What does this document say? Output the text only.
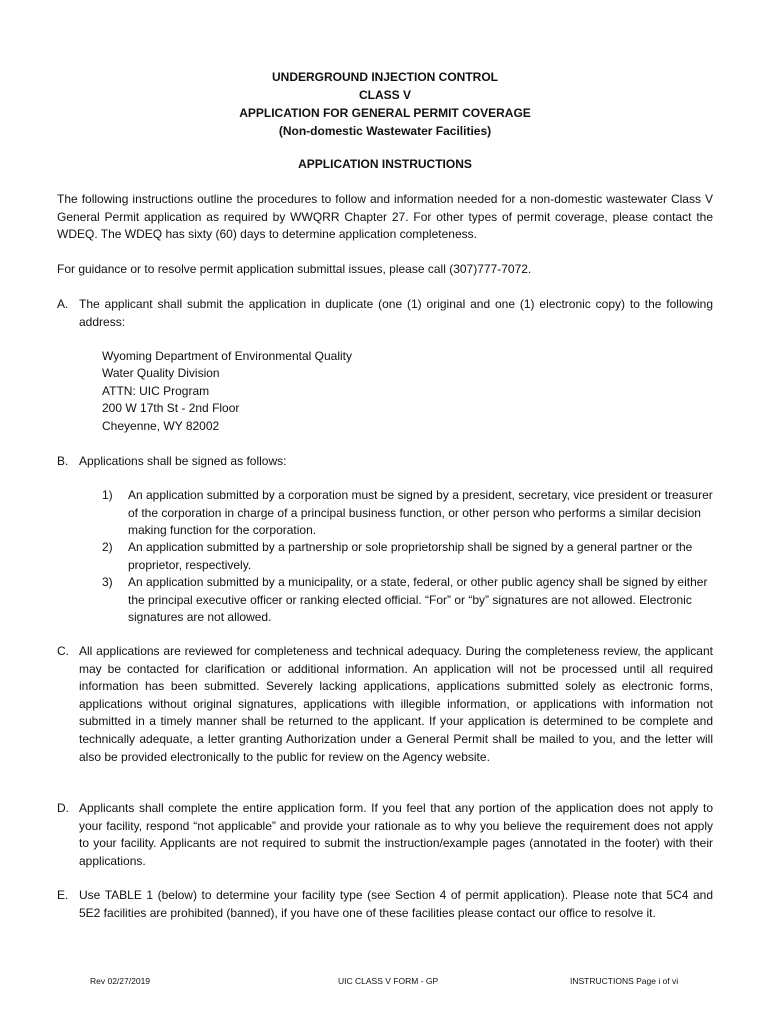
UNDERGROUND INJECTION CONTROL
CLASS V
APPLICATION FOR GENERAL PERMIT COVERAGE
(Non-domestic Wastewater Facilities)
APPLICATION INSTRUCTIONS
The following instructions outline the procedures to follow and information needed for a non-domestic wastewater Class V General Permit application as required by WWQRR Chapter 27. For other types of permit coverage, please contact the WDEQ. The WDEQ has sixty (60) days to determine application completeness.
For guidance or to resolve permit application submittal issues, please call (307)777-7072.
A. The applicant shall submit the application in duplicate (one (1) original and one (1) electronic copy) to the following address:
Wyoming Department of Environmental Quality
Water Quality Division
ATTN: UIC Program
200 W 17th St - 2nd Floor
Cheyenne, WY 82002
B. Applications shall be signed as follows:
1) An application submitted by a corporation must be signed by a president, secretary, vice president or treasurer of the corporation in charge of a principal business function, or other person who performs a similar decision making function for the corporation.
2) An application submitted by a partnership or sole proprietorship shall be signed by a general partner or the proprietor, respectively.
3) An application submitted by a municipality, or a state, federal, or other public agency shall be signed by either the principal executive officer or ranking elected official. “For” or “by” signatures are not allowed. Electronic signatures are not allowed.
C. All applications are reviewed for completeness and technical adequacy. During the completeness review, the applicant may be contacted for clarification or additional information. An application will not be processed until all required information has been submitted. Severely lacking applications, applications submitted solely as electronic forms, applications without original signatures, applications with illegible information, or applications with information not submitted in a timely manner shall be returned to the applicant. If your application is determined to be complete and technically adequate, a letter granting Authorization under a General Permit shall be mailed to you, and the letter will also be provided electronically to the public for review on the Agency website.
D. Applicants shall complete the entire application form. If you feel that any portion of the application does not apply to your facility, respond “not applicable” and provide your rationale as to why you believe the requirement does not apply to your facility. Applicants are not required to submit the instruction/example pages (annotated in the footer) with their applications.
E. Use TABLE 1 (below) to determine your facility type (see Section 4 of permit application). Please note that 5C4 and 5E2 facilities are prohibited (banned), if you have one of these facilities please contact our office to resolve it.
Rev 02/27/2019	UIC CLASS V FORM - GP	INSTRUCTIONS Page i of vi
